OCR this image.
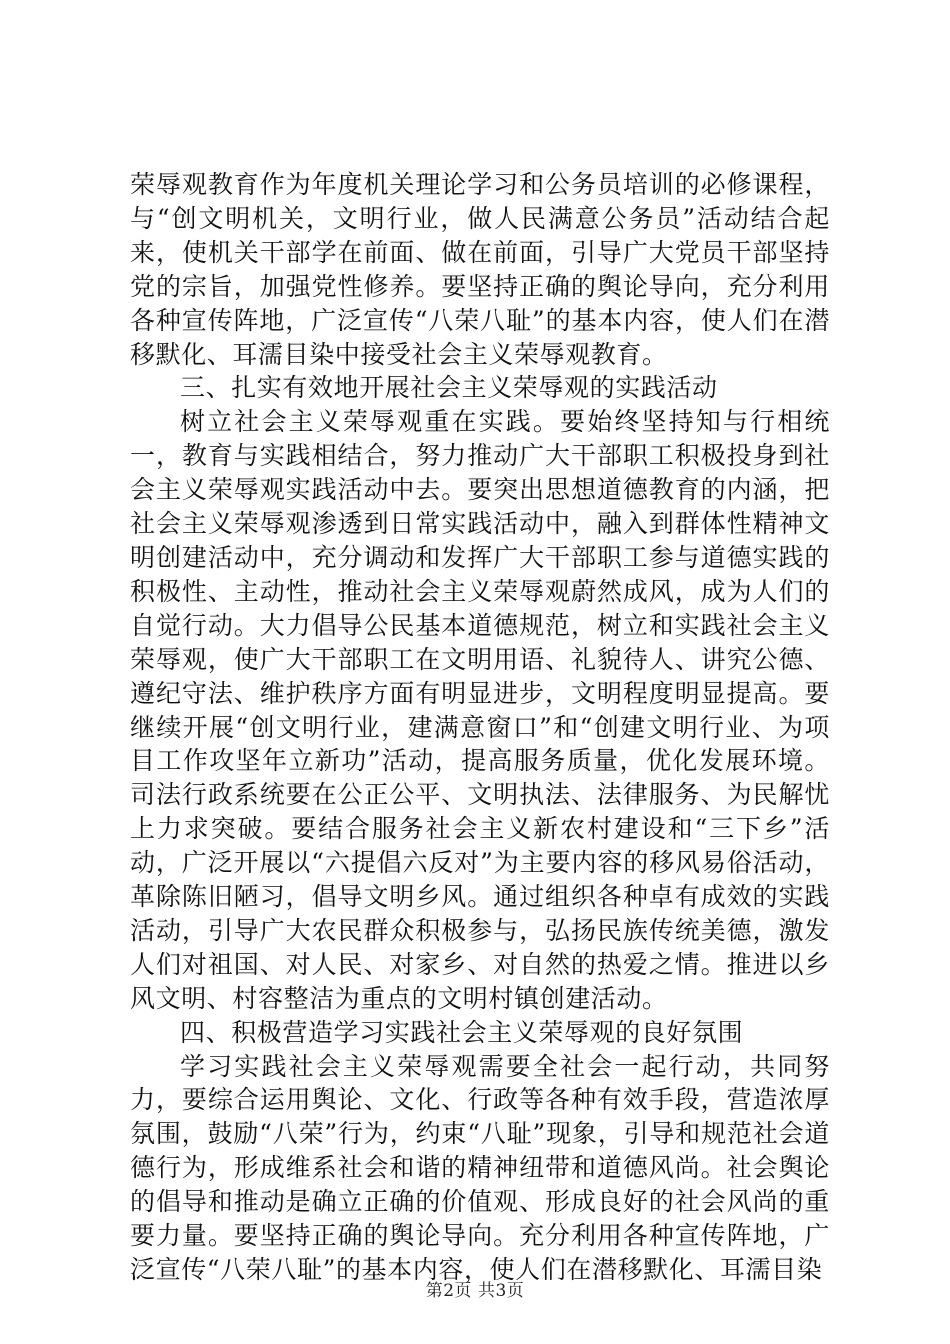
荣辱观教育作为年度机关理论学习和公务员培训的必修课程，与“创文明机关，文明行业，做人民满意公务员”活动结合起来，使机关干部学在前面、做在前面，引导广大党员干部坚持党的宗旨，加强党性修养。要坚持正确的舆论导向，充分利用各种宣传阵地，广泛宣传“八荣八耻”的基本内容，使人们在潜移默化、耳濡目染中接受社会主义荣辱观教育。

三、扎实有效地开展社会主义荣辱观的实践活动

树立社会主义荣辱观重在实践。要始终坚持知与行相统一，教育与实践相结合，努力推动广大干部职工积极投身到社会主义荣辱观实践活动中去。要突出思想道德教育的内涵，把社会主义荣辱观渗透到日常实践活动中，融入到群体性精神文明创建活动中，充分调动和发挥广大干部职工参与道德实践的积极性、主动性，推动社会主义荣辱观蔚然成风，成为人们的自觉行动。大力倡导公民基本道德规范，树立和实践社会主义荣辱观，使广大干部职工在文明用语、礼貌待人、讲究公德、遵纪守法、维护秩序方面有明显进步，文明程度明显提高。要继续开展“创文明行业，建满意窗口”和“创建文明行业、为项目工作攻坚年立新功”活动，提高服务质量，优化发展环境。司法行政系统要在公正公平、文明执法、法律服务、为民解忧上力求突破。要结合服务社会主义新农村建设和“三下乡”活动，广泛开展以“六提倡六反对”为主要内容的移风易俗活动，革除陈旧陋习，倡导文明乡风。通过组织各种卓有成效的实践活动，引导广大农民群众积极参与，弘扬民族传统美德，激发人们对祖国、对人民、对家乡、对自然的热爱之情。推进以乡风文明、村容整洁为重点的文明村镇创建活动。

四、积极营造学习实践社会主义荣辱观的良好氛围

学习实践社会主义荣辱观需要全社会一起行动，共同努力，要综合运用舆论、文化、行政等各种有效手段，营造浓厚氛围，鼓励“八荣”行为，约束“八耻”现象，引导和规范社会道德行为，形成维系社会和谐的精神纽带和道德风尚。社会舆论的倡导和推动是确立正确的价值观、形成良好的社会风尚的重要力量。要坚持正确的舆论导向。充分利用各种宣传阵地，广泛宣传“八荣八耻”的基本内容，使人们在潜移默化、耳濡目染

第2页 共3页
